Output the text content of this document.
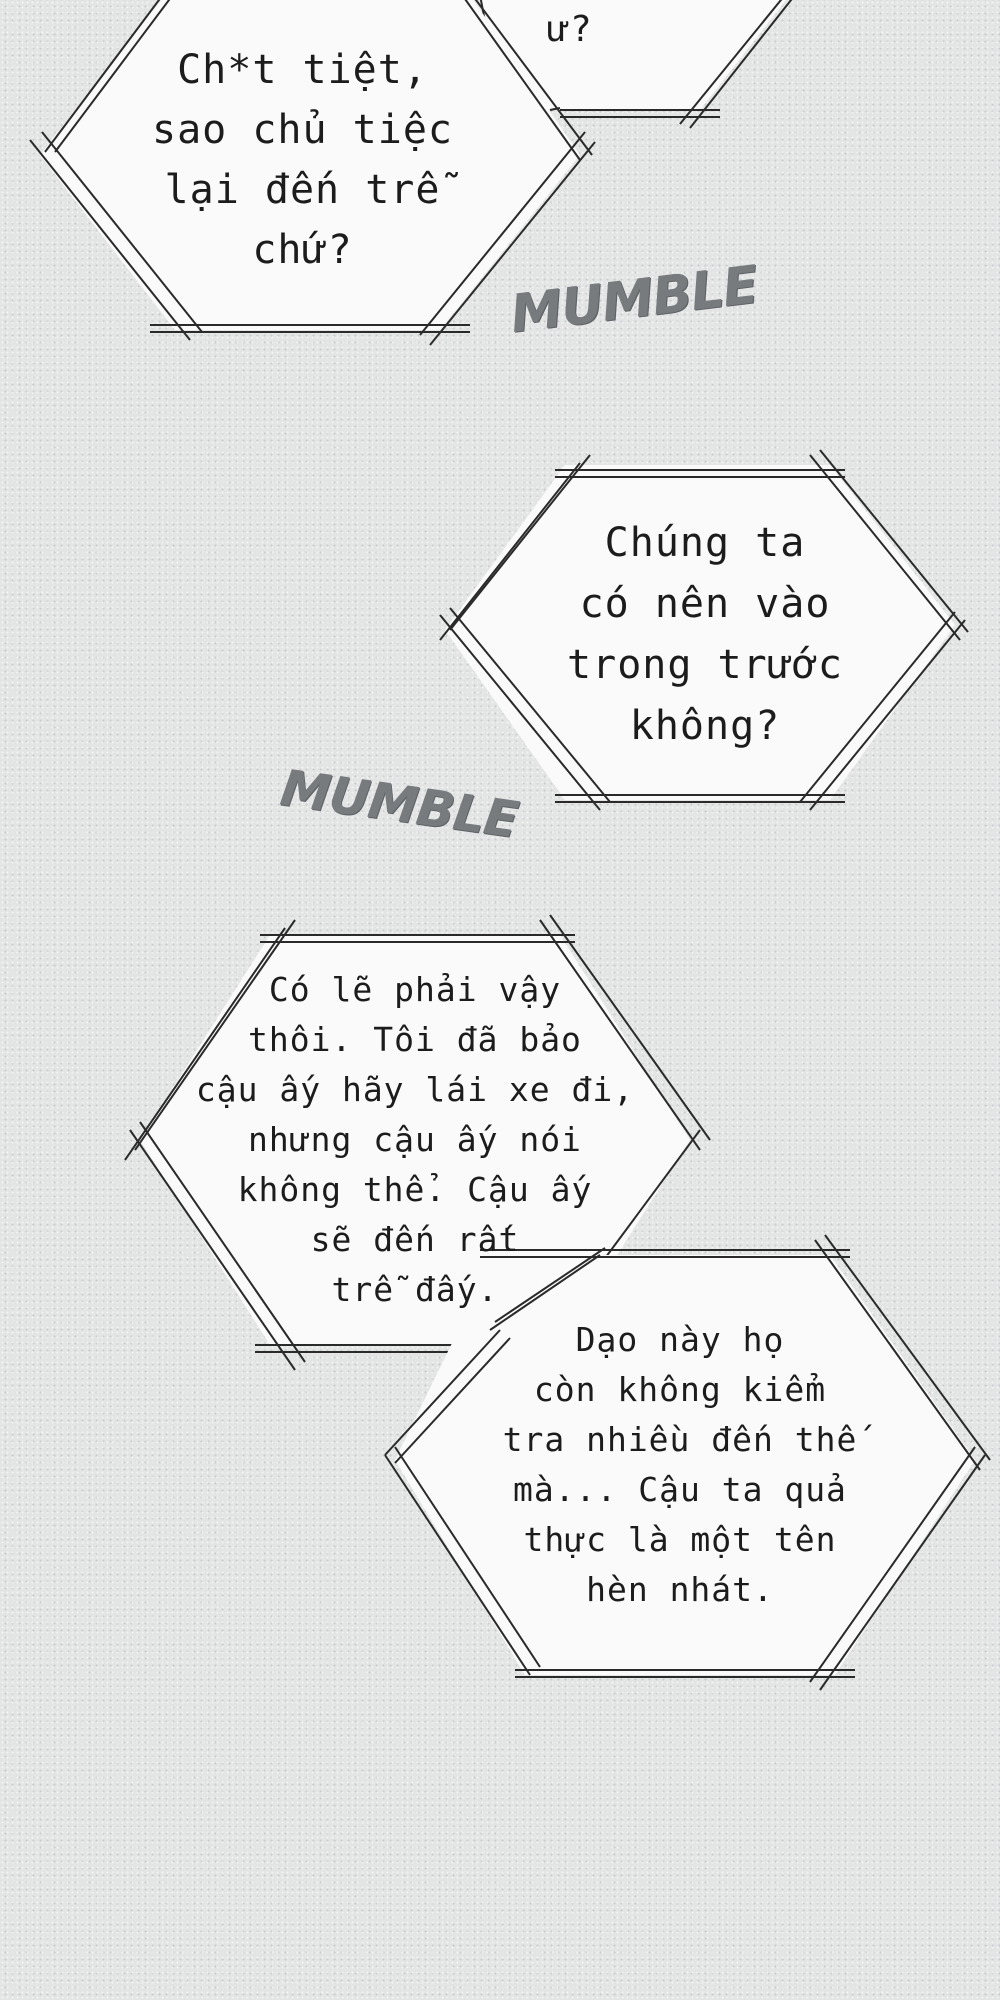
ư?
Ch*t tiệt,
sao chủ tiệc
lại đến trễ
chứ?
Chúng ta
có nên vào
trong trước
không?
Có lẽ phải vậy
thôi. Tôi đã bảo
cậu ấy hãy lái xe đi,
nhưng cậu ấy nói
không thể. Cậu ấy
sẽ đến rất
trễ đấy.
Dạo này họ
còn không kiểm
tra nhiều đến thế
mà... Cậu ta quả
thực là một tên
hèn nhát.
MUMBLE
MUMBLE
